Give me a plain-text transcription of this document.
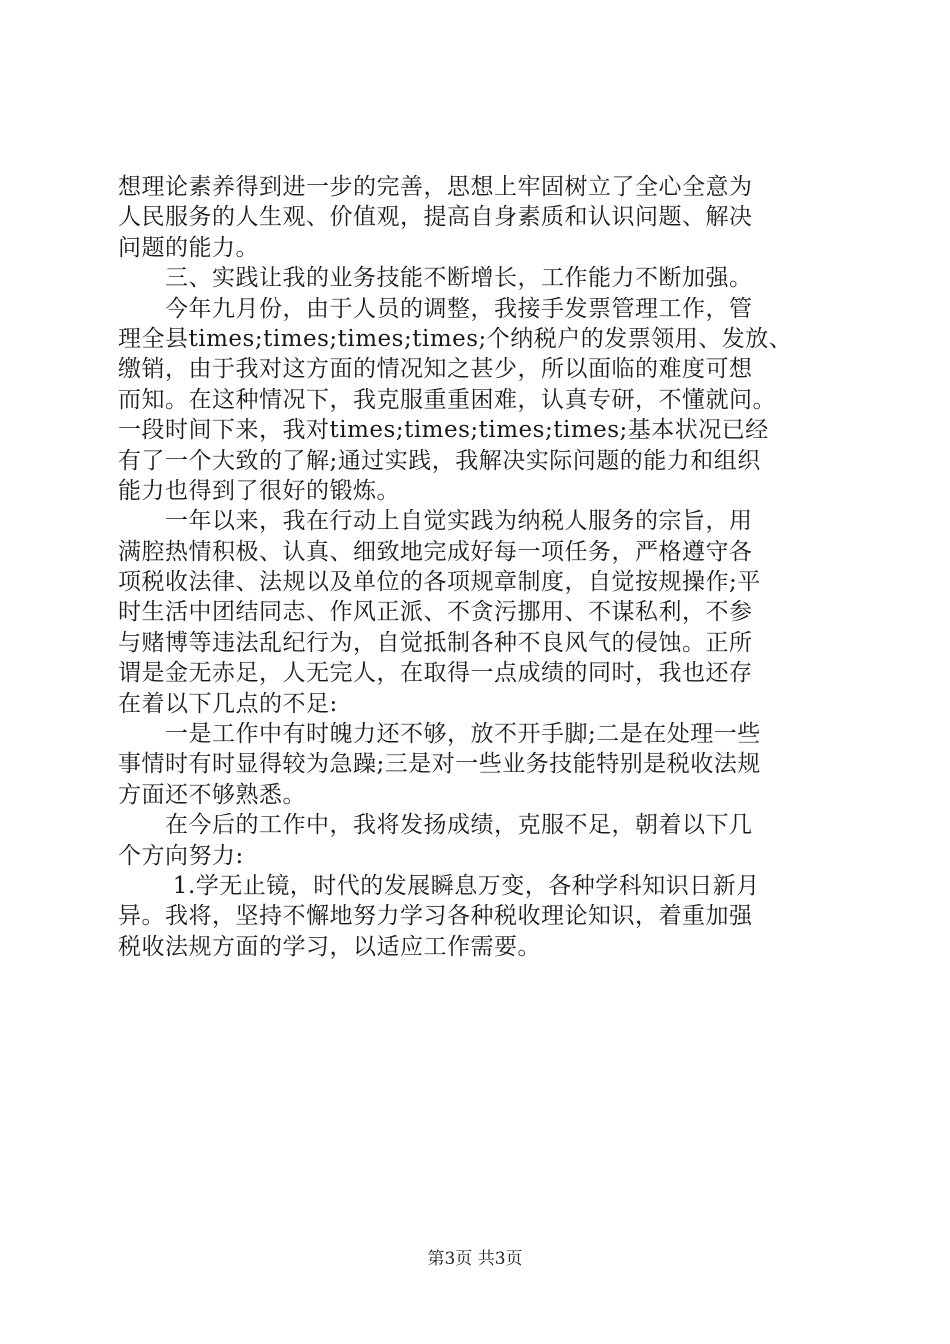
想理论素养得到进一步的完善，思想上牢固树立了全心全意为
人民服务的人生观、价值观，提高自身素质和认识问题、解决
问题的能力。
　　三、实践让我的业务技能不断增长，工作能力不断加强。
　　今年九月份，由于人员的调整，我接手发票管理工作，管
理全县times;times;times;times;个纳税户的发票领用、发放、
缴销，由于我对这方面的情况知之甚少，所以面临的难度可想
而知。在这种情况下，我克服重重困难，认真专研，不懂就问。
一段时间下来，我对times;times;times;times;基本状况已经
有了一个大致的了解;通过实践，我解决实际问题的能力和组织
能力也得到了很好的锻炼。
　　一年以来，我在行动上自觉实践为纳税人服务的宗旨，用
满腔热情积极、认真、细致地完成好每一项任务，严格遵守各
项税收法律、法规以及单位的各项规章制度，自觉按规操作;平
时生活中团结同志、作风正派、不贪污挪用、不谋私利，不参
与赌博等违法乱纪行为，自觉抵制各种不良风气的侵蚀。正所
谓是金无赤足，人无完人，在取得一点成绩的同时，我也还存
在着以下几点的不足:
　　一是工作中有时魄力还不够，放不开手脚;二是在处理一些
事情时有时显得较为急躁;三是对一些业务技能特别是税收法规
方面还不够熟悉。
　　在今后的工作中，我将发扬成绩，克服不足，朝着以下几
个方向努力:
　　 1.学无止镜，时代的发展瞬息万变，各种学科知识日新月
异。我将，坚持不懈地努力学习各种税收理论知识，着重加强
税收法规方面的学习，以适应工作需要。
第3页 共3页
